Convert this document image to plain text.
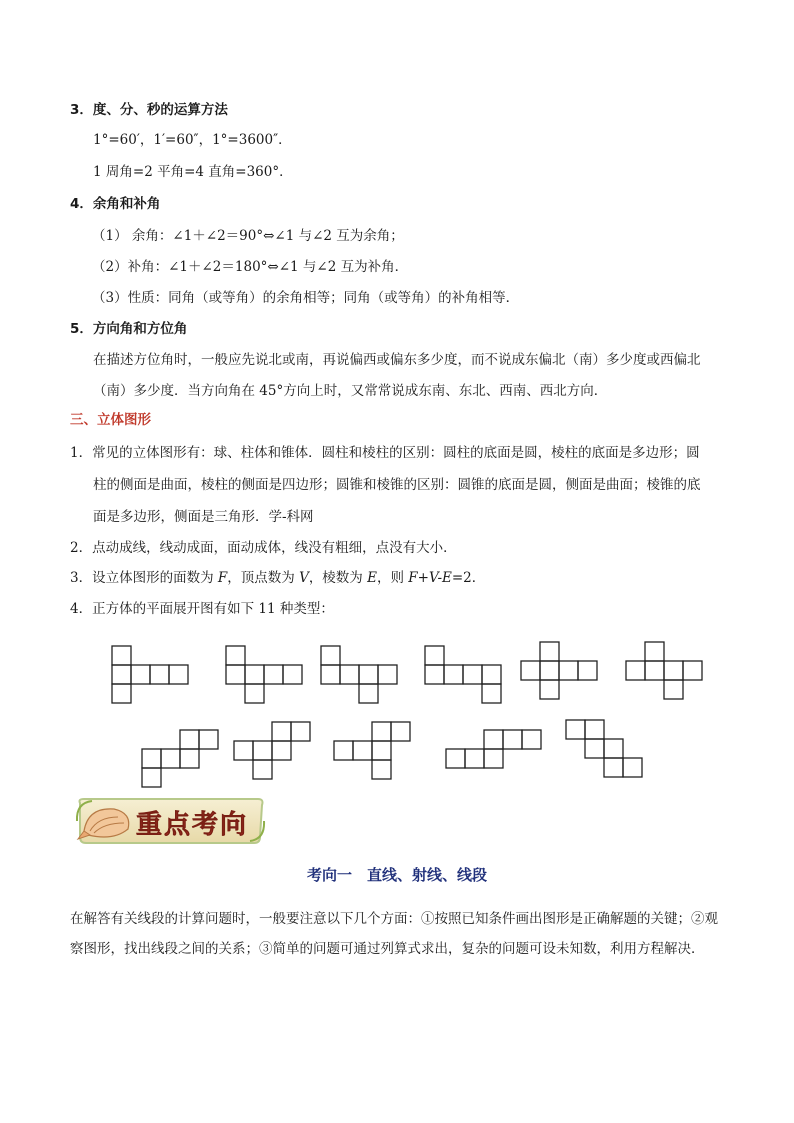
3．度、分、秒的运算方法
1°=60′，1′=60″，1°=3600″．
1 周角=2 平角=4 直角=360°．
4．余角和补角
（1） 余角：∠1＋∠2＝90°⇔∠1 与∠2 互为余角；
（2）补角：∠1＋∠2＝180°⇔∠1 与∠2 互为补角．
（3）性质：同角（或等角）的余角相等；同角（或等角）的补角相等．
5．方向角和方位角
在描述方位角时，一般应先说北或南，再说偏西或偏东多少度，而不说成东偏北（南）多少度或西偏北
（南）多少度．当方向角在 45°方向上时，又常常说成东南、东北、西南、西北方向．
三、立体图形
1．常见的立体图形有：球、柱体和锥体．圆柱和棱柱的区别：圆柱的底面是圆，棱柱的底面是多边形；圆
柱的侧面是曲面，棱柱的侧面是四边形；圆锥和棱锥的区别：圆锥的底面是圆，侧面是曲面；棱锥的底
面是多边形，侧面是三角形．学-科网
2．点动成线，线动成面，面动成体，线没有粗细，点没有大小．
3．设立体图形的面数为 F，顶点数为 V，棱数为 E，则 F+V-E=2．
4．正方体的平面展开图有如下 11 种类型：
重点考向
考向一　直线、射线、线段
在解答有关线段的计算问题时，一般要注意以下几个方面：①按照已知条件画出图形是正确解题的关键；②观察图形，找出线段之间的关系；③简单的问题可通过列算式求出，复杂的问题可设未知数，利用方程解决．
